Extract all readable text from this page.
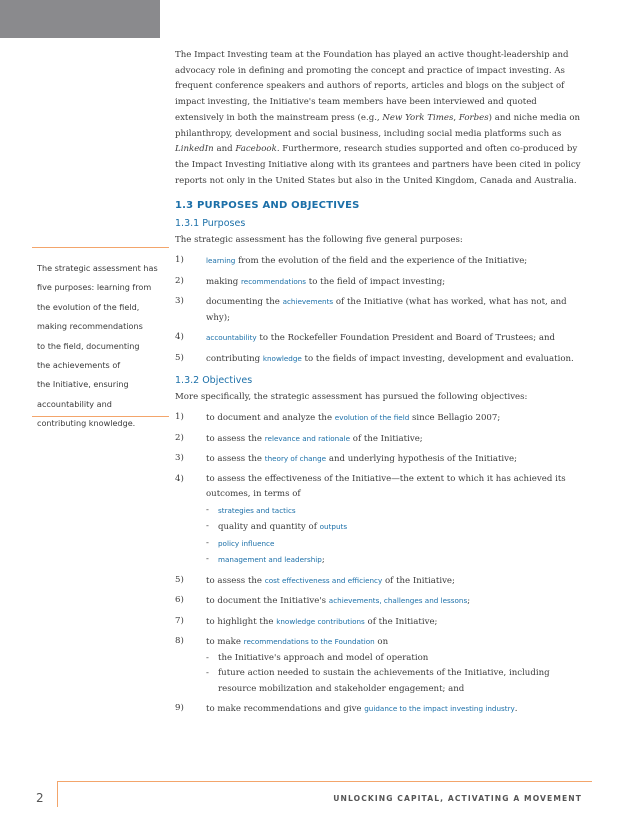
The Impact Investing team at the Foundation has played an active thought-leadership and advocacy role in defining and promoting the concept and practice of impact investing. As frequent conference speakers and authors of reports, articles and blogs on the subject of impact investing, the Initiative's team members have been interviewed and quoted extensively in both the mainstream press (e.g., New York Times, Forbes) and niche media on philanthropy, development and social business, including social media platforms such as LinkedIn and Facebook. Furthermore, research studies supported and often co-produced by the Impact Investing Initiative along with its grantees and partners have been cited in policy reports not only in the United States but also in the United Kingdom, Canada and Australia.

1.3 PURPOSES AND OBJECTIVES
1.3.1 Purposes
The strategic assessment has the following five general purposes:
1)	learning from the evolution of the field and the experience of the Initiative;
2)	making recommendations to the field of impact investing;
3)	documenting the achievements of the Initiative (what has worked, what has not, and why);
4)	accountability to the Rockefeller Foundation President and Board of Trustees; and
5)	contributing knowledge to the fields of impact investing, development and evaluation.
1.3.2 Objectives
More specifically, the strategic assessment has pursued the following objectives:
1)	to document and analyze the evolution of the field since Bellagio 2007;
2)	to assess the relevance and rationale of the Initiative;
3)	to assess the theory of change and underlying hypothesis of the Initiative;
4)	to assess the effectiveness of the Initiative—the extent to which it has achieved its outcomes, in terms of
- strategies and tactics
- quality and quantity of outputs
- policy influence
- management and leadership;
5)	to assess the cost effectiveness and efficiency of the Initiative;
6)	to document the Initiative's achievements, challenges and lessons;
7)	to highlight the knowledge contributions of the Initiative;
8)	to make recommendations to the Foundation on
- the Initiative's approach and model of operation
- future action needed to sustain the achievements of the Initiative, including resource mobilization and stakeholder engagement; and
9)	to make recommendations and give guidance to the impact investing industry.
The strategic assessment has
five purposes: learning from
the evolution of the field,
making recommendations
to the field, documenting
the achievements of
the Initiative, ensuring
accountability and
contributing knowledge.
2	UNLOCKING CAPITAL, ACTIVATING A MOVEMENT
